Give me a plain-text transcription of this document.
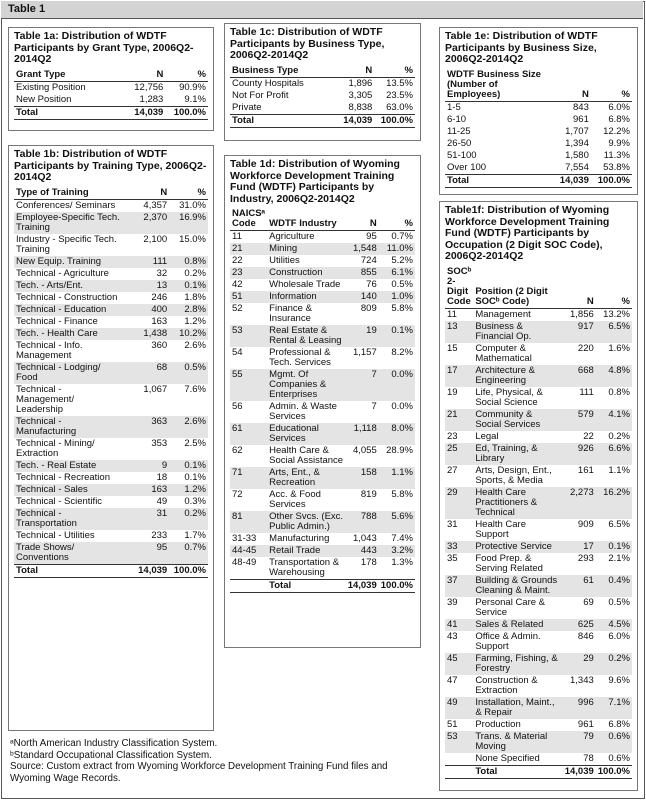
Table 1
Table 1a: Distribution of WDTF Participants by Grant Type, 2006Q2-2014Q2
Grant Type	N	%
Existing Position	12,756	90.9%
New Position	1,283	9.1%
Total	14,039	100.0%
Table 1b: Distribution of WDTF Participants by Training Type, 2006Q2-2014Q2
Type of Training	N	%
Conferences/ Seminars	4,357	31.0%
Employee-Specific Tech. Training	2,370	16.9%
Industry - Specific Tech. Training	2,100	15.0%
New Equip. Training	111	0.8%
Technical - Agriculture	32	0.2%
Tech. - Arts/Ent.	13	0.1%
Technical - Construction	246	1.8%
Technical - Education	400	2.8%
Technical - Finance	163	1.2%
Tech. - Health Care	1,438	10.2%
Technical - Info. Management	360	2.6%
Technical - Lodging/ Food	68	0.5%
Technical - Management/ Leadership	1,067	7.6%
Technical - Manufacturing	363	2.6%
Technical - Mining/ Extraction	353	2.5%
Tech. - Real Estate	9	0.1%
Technical - Recreation	18	0.1%
Technical - Sales	163	1.2%
Technical - Scientific	49	0.3%
Technical - Transportation	31	0.2%
Technical - Utilities	233	1.7%
Trade Shows/ Conventions	95	0.7%
Total	14,039	100.0%
Table 1c: Distribution of WDTF Participants by Business Type, 2006Q2-2014Q2
Business Type	N	%
County Hospitals	1,896	13.5%
Not For Profit	3,305	23.5%
Private	8,838	63.0%
Total	14,039	100.0%
Table 1d: Distribution of Wyoming Workforce Development Training Fund (WDTF) Participants by Industry, 2006Q2-2014Q2
NAICSᵃ Code	WDTF Industry	N	%
11	Agriculture	95	0.7%
21	Mining	1,548	11.0%
22	Utilities	724	5.2%
23	Construction	855	6.1%
42	Wholesale Trade	76	0.5%
51	Information	140	1.0%
52	Finance & Insurance	809	5.8%
53	Real Estate & Rental & Leasing	19	0.1%
54	Professional & Tech. Services	1,157	8.2%
55	Mgmt. Of Companies & Enterprises	7	0.0%
56	Admin. & Waste Services	7	0.0%
61	Educational Services	1,118	8.0%
62	Health Care & Social Assistance	4,055	28.9%
71	Arts, Ent., & Recreation	158	1.1%
72	Acc. & Food Services	819	5.8%
81	Other Svcs. (Exc. Public Admin.)	788	5.6%
31-33	Manufacturing	1,043	7.4%
44-45	Retail Trade	443	3.2%
48-49	Transportation & Warehousing	178	1.3%
	Total	14,039	100.0%
Table 1e: Distribution of WDTF Participants by Business Size, 2006Q2-2014Q2
WDTF Business Size (Number of Employees)	N	%
1-5	843	6.0%
6-10	961	6.8%
11-25	1,707	12.2%
26-50	1,394	9.9%
51-100	1,580	11.3%
Over 100	7,554	53.8%
Total	14,039	100.0%
Table1f: Distribution of Wyoming Workforce Development Training Fund (WDTF) Participants by Occupation (2 Digit SOC Code), 2006Q2-2014Q2
SOCᵇ 2-Digit Code	Position (2 Digit SOCᵇ Code)	N	%
11	Management	1,856	13.2%
13	Business & Financial Op.	917	6.5%
15	Computer & Mathematical	220	1.6%
17	Architecture & Engineering	668	4.8%
19	Life, Physical, & Social Science	111	0.8%
21	Community & Social Services	579	4.1%
23	Legal	22	0.2%
25	Ed, Training, & Library	926	6.6%
27	Arts, Design, Ent., Sports, & Media	161	1.1%
29	Health Care Practitioners & Technical	2,273	16.2%
31	Health Care Support	909	6.5%
33	Protective Service	17	0.1%
35	Food Prep. & Serving Related	293	2.1%
37	Building & Grounds Cleaning & Maint.	61	0.4%
39	Personal Care & Service	69	0.5%
41	Sales & Related	625	4.5%
43	Office & Admin. Support	846	6.0%
45	Farming, Fishing, & Forestry	29	0.2%
47	Construction & Extraction	1,343	9.6%
49	Installation, Maint., & Repair	996	7.1%
51	Production	961	6.8%
53	Trans. & Material Moving	79	0.6%
	None Specified	78	0.6%
	Total	14,039	100.0%
ᵃNorth American Industry Classification System.
ᵇStandard Occupational Classification System.
Source: Custom extract from Wyoming Workforce Development Training Fund files and Wyoming Wage Records.
